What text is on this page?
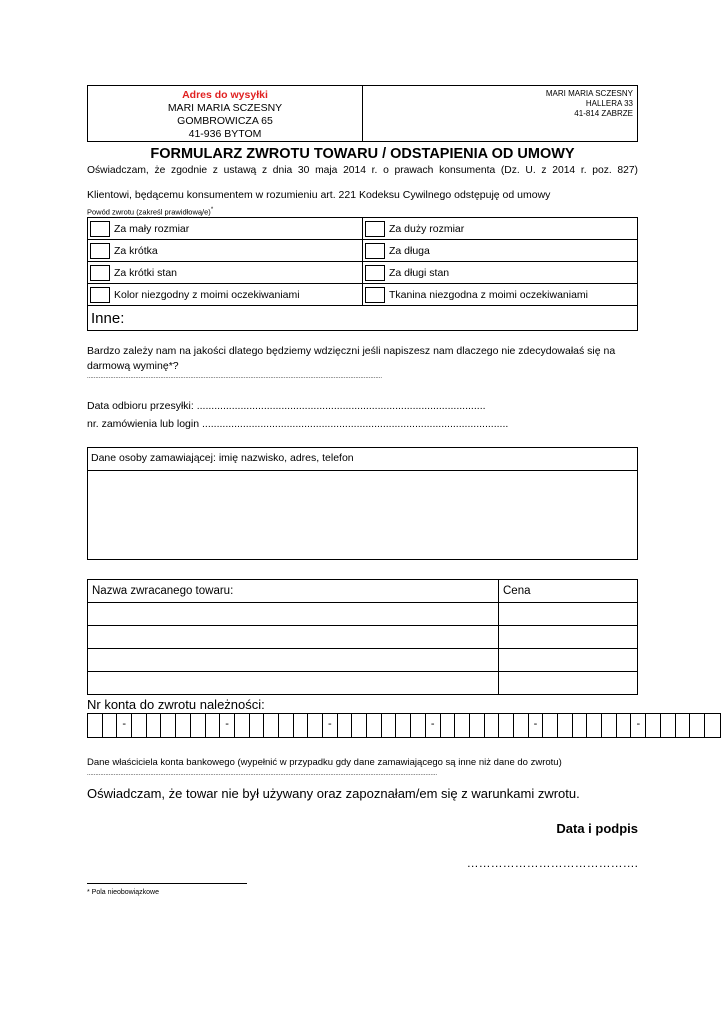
Adres do wysyłki
MARI MARIA SCZESNY
GOMBROWICZA 65
41-936 BYTOM
MARI MARIA SCZESNY
HALLERA 33
41-814 ZABRZE
FORMULARZ ZWROTU TOWARU / ODSTAPIENIA OD UMOWY
Oświadczam, że zgodnie z ustawą z dnia 30 maja 2014 r. o prawach konsumenta (Dz. U. z 2014 r. poz. 827)
Klientowi, będącemu konsumentem w rozumieniu art. 221 Kodeksu Cywilnego odstępuję od umowy
Powód zwrotu (zakreśl prawidłową/e)*
Za mały rozmiar	Za duży rozmiar
Za krótka	Za długa
Za krótki stan	Za długi stan
Kolor niezgodny z moimi oczekiwaniami	Tkanina niezgodna z moimi oczekiwaniami
Inne:	
Bardzo zależy nam na jakości dlatego będziemy wdzięczni jeśli napiszesz nam dlaczego nie zdecydowałaś się na darmową wyminę*?
.................................................................................................................................................................................
Data odbioru przesyłki: ...................................................................................................
nr. zamówienia lub login .........................................................................................................
Dane osoby zamawiającej: imię nazwisko, adres, telefon
Nazwa zwracanego towaru:	Cena

Nr konta do zwrotu należności:
-	-	-	-	-	-
Dane właściciela konta bankowego (wypełnić w przypadku gdy dane zamawiającego są inne niż dane do zwrotu)
..................................................................................................................................................................................................................
Oświadczam, że towar nie był używany oraz zapoznałam/em się z warunkami zwrotu.
Data i podpis
…………………………………….
* Pola nieobowiązkowe
